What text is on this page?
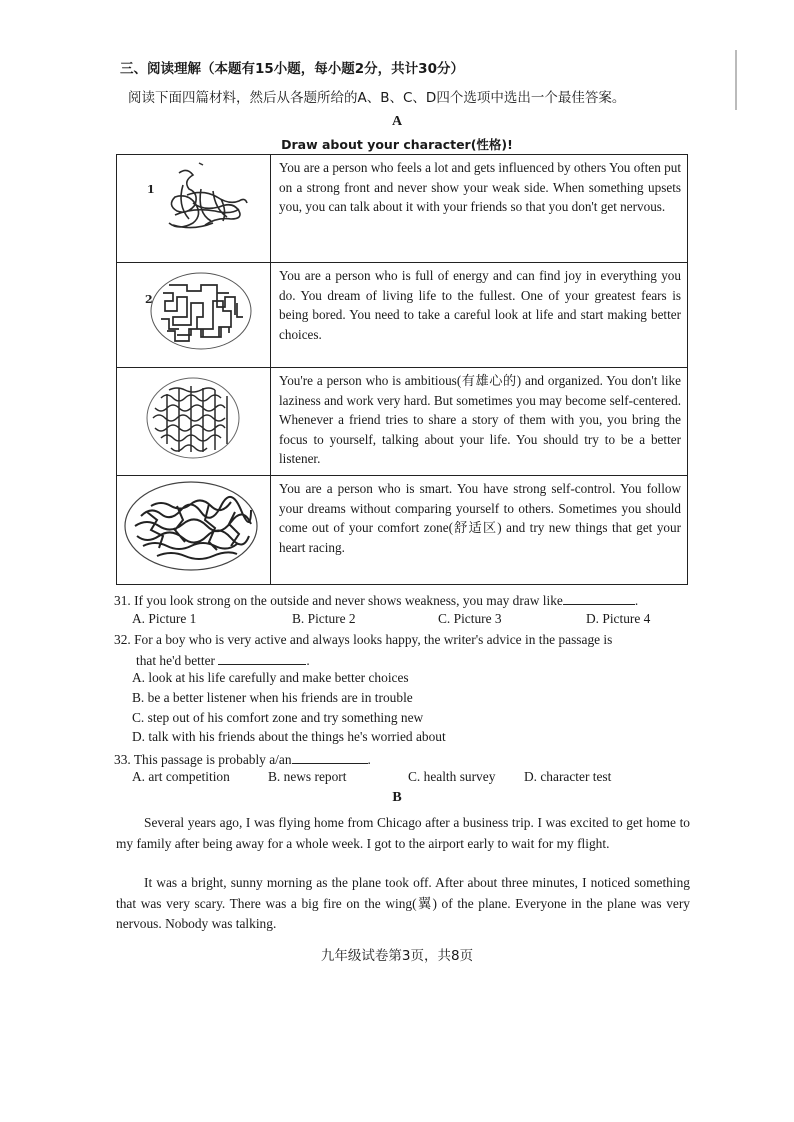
三、阅读理解（本题有15小题，每小题2分，共计30分）
阅读下面四篇材料，然后从各题所给的A、B、C、D四个选项中选出一个最佳答案。
A
Draw about your character(性格)!
1	You are a person who feels a lot and gets influenced by others You often put on a strong front and never show your weak side. When something upsets you, you can talk about it with your friends so that you don't get nervous.

2	You are a person who is full of energy and can find joy in everything you do. You dream of living life to the fullest. One of your greatest fears is being bored. You need to take a careful look at life and start making better choices.

	You're a person who is ambitious(有雄心的) and organized. You don't like laziness and work very hard. But sometimes you may become self-centered. Whenever a friend tries to share a story of them with you, you bring the focus to yourself, talking about your life. You should try to be a better listener.

	You are a person who is smart. You have strong self-control. You follow your dreams without comparing yourself to others. Sometimes you should come out of your comfort zone(舒适区) and try new things that get your heart racing.
31. If you look strong on the outside and never shows weakness, you may draw like	.
A. Picture 1	B. Picture 2	C. Picture 3	D. Picture 4
32. For a boy who is very active and always looks happy, the writer's advice in the passage is
that he'd better	.
A. look at his life carefully and make better choices
B. be a better listener when his friends are in trouble
C. step out of his comfort zone and try something new
D. talk with his friends about the things he's worried about
33. This passage is probably a/an	.
A. art competition	B. news report	C. health survey D. character test
B
Several years ago, I was flying home from Chicago after a business trip. I was excited to get home to my family after being away for a whole week. I got to the airport early to wait for my flight.
It was a bright, sunny morning as the plane took off. After about three minutes, I noticed something that was very scary. There was a big fire on the wing(翼) of the plane. Everyone in the plane was very nervous. Nobody was talking.
九年级试卷第3页，共8页
